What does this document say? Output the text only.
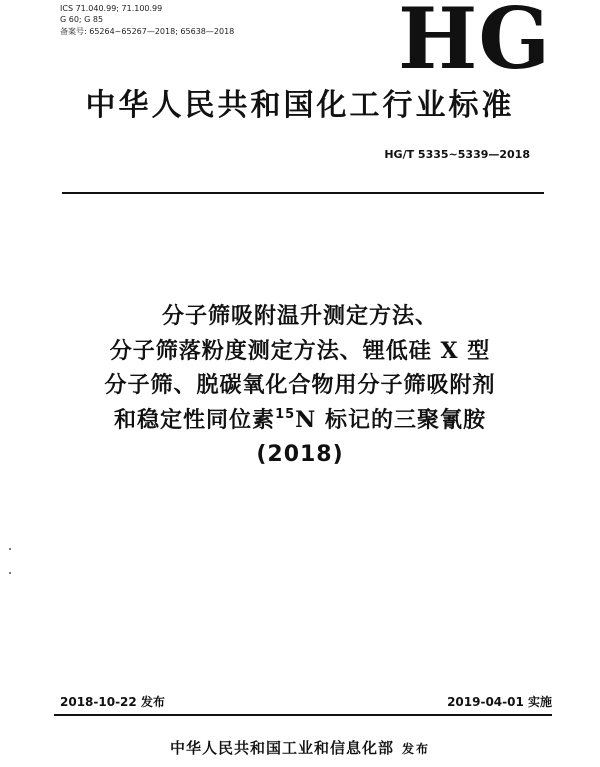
ICS 71.040.99; 71.100.99
G 60; G 85
备案号: 65264~65267—2018; 65638—2018 HG
中华人民共和国化工行业标准
HG/T 5335~5339—2018
分子筛吸附温升测定方法、
分子筛落粉度测定方法、锂低硅 X 型
分子筛、脱碳氧化合物用分子筛吸附剂
和稳定性同位素$^{15}$N 标记的三聚氰胺
(2018)
2018-10-22 发布	2019-04-01 实施
中华人民共和国工业和信息化部 发布
